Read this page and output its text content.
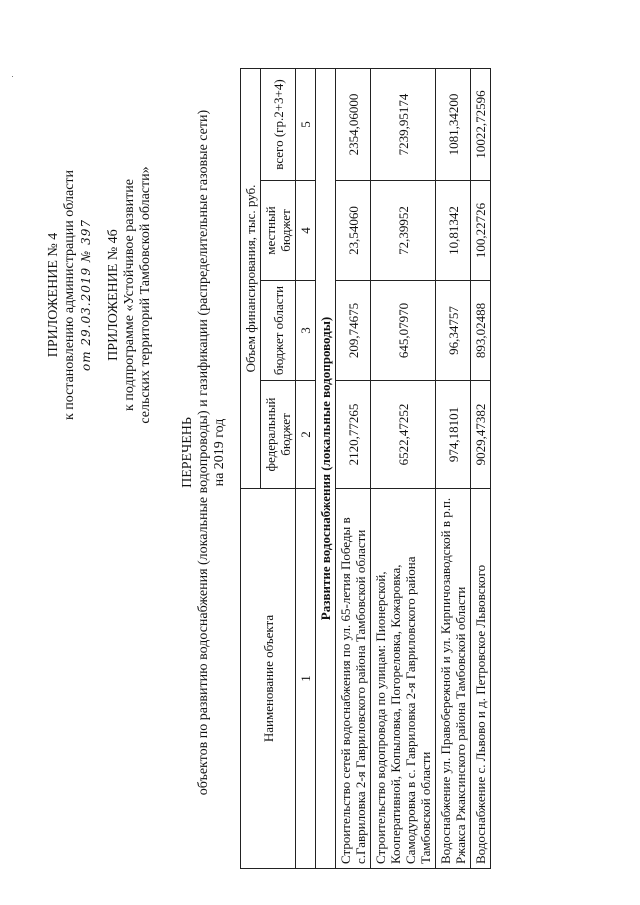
ПРИЛОЖЕНИЕ № 4 к постановлению администрации области от 29.03.2019 № 397 ПРИЛОЖЕНИЕ № 4б к подпрограмме «Устойчивое развитие сельских территорий Тамбовской области»
ПЕРЕЧЕНЬ объектов по развитию водоснабжения (локальные водопроводы) и газификации (распределительные газовые сети) на 2019 год
Наименование объекта	Объем финансирования, тыс. руб.			
	федеральный бюджет	бюджет области	местный бюджет	всего (гр.2+3+4)
1	2	3	4	5
Развитие водоснабжения (локальные водопроводы)				
Строительство сетей водоснабжения по ул. 65-летия Победы в с.Гавриловка 2-я Гавриловского района Тамбовской области	2120,77265	209,74675	23,54060	2354,06000
Строительство водопровода по улицам: Пионерской, Кооперативной, Копыловка, Погореловка, Кожаровка, Самодуровка в с. Гавриловка 2-я Гавриловского района Тамбовской области	6522,47252	645,07970	72,39952	7239,95174
Водоснабжение ул. Правобережной и ул. Кирпичозаводской в р.п. Ржакса Ржаксинского района Тамбовской области	974,18101	96,34757	10,81342	1081,34200
Водоснабжение с. Львово и д. Петровское Львовского	9029,47382	893,02488	100,22726	10022,72596
